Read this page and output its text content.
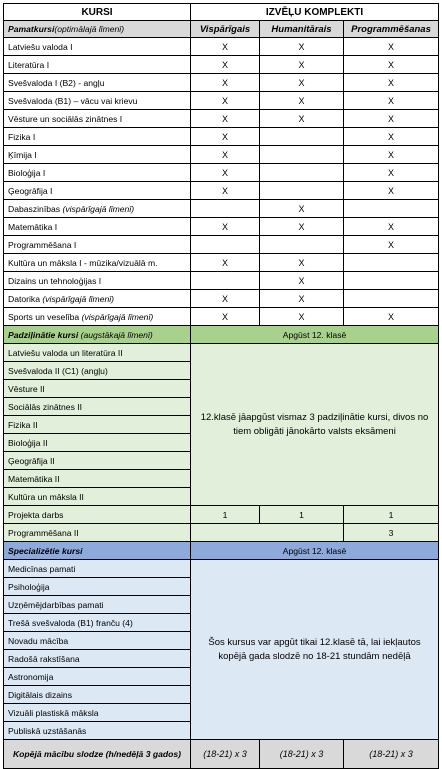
KURSI	IZVĒĻU KOMPLEKTI		
Pamatkursi(optimālajā līmenī)	Vispārīgais	Humanitārais	Programmēšanas
Latviešu valoda I	X	X	X
Literatūra I	X	X	X
Svešvaloda I (B2) - angļu	X	X	X
Svešvaloda (B1) – vācu vai krievu	X	X	X
Vēsture un sociālās zinātnes I	X	X	X
Fizika I	X		X
Ķīmija I	X		X
Bioloģija I	X		X
Ģeogrāfija I	X		X
Dabaszinības (vispārīgajā līmenī)		X	
Matemātika I	X	X	X
Programmēšana I			X
Kultūra un māksla I - mūzika/vizuālā m.	X	X	
Dizains un tehnoloģijas I		X	
Datorika (vispārīgajā līmenī)	X	X	
Sports un veselība (vispārīgajā līmenī)	X	X	X
Padziļinātie kursi (augstākajā līmenī)	Apgūst 12. klasē		
Latviešu valoda un literatūra II	12.klasē jāapgūst vismaz 3 padziļinātie kursi, divos no tiem obligāti jānokārto valsts eksāmeni		
Svešvaloda II (C1) (angļu)			
Vēsture II			
Sociālās zinātnes II			
Fizika II			
Bioloģija II			
Ģeogrāfija II			
Matemātika II			
Kultūra un māksla II			
Projekta darbs	1	1	1
Programmēšana II			3
Specializētie kursi	Apgūst 12. klasē		
Medicīnas pamati	Šos kursus var apgūt tikai 12.klasē tā, lai iekļautos kopējā gada slodzē no 18-21 stundām nedēļā		
Psiholoģija			
Uzņēmējdarbības pamati			
Trešā svešvaloda (B1) franču (4)			
Novadu mācība			
Radošā rakstīšana			
Astronomija			
Digitālais dizains			
Vizuāli plastiskā māksla			
Publiskā uzstāšanās			
Kopējā mācību slodze (h/nedēļā 3 gados)	(18-21) x 3	(18-21) x 3	(18-21) x 3
